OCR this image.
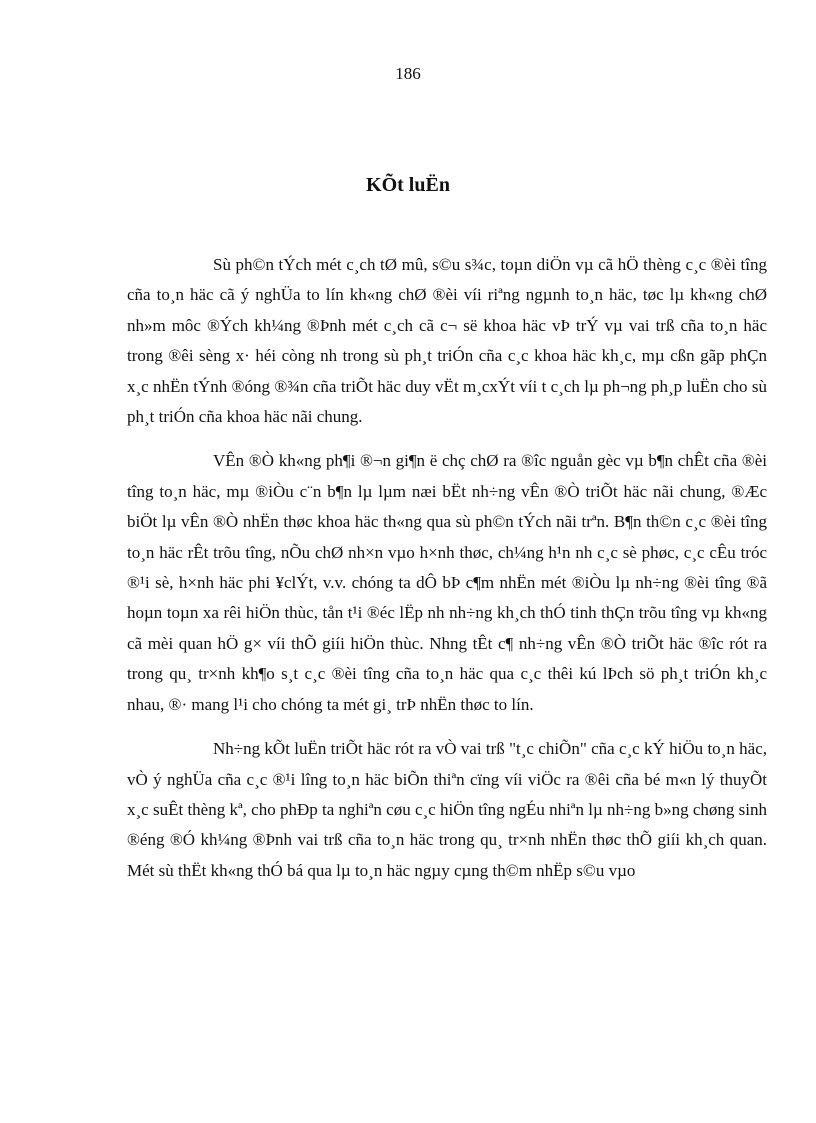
186
KÕt luËn

Sù ph©n tÝch mét c¸ch tØ mû, s©u s¾c, toµn diÖn vµ cã hÖ thèng c¸c ®èi tîng cña to¸n häc cã ý nghÜa to lín kh«ng chØ ®èi víi riªng ngµnh to¸n häc, tøc lµ kh«ng chØ nh»m môc ®Ých kh¼ng ®Þnh mét c¸ch cã c¬ së khoa häc vÞ trÝ vµ vai trß cña to¸n häc trong ®êi sèng x· héi còng nh trong sù ph¸t triÓn cña c¸c khoa häc kh¸c, mµ cßn gãp phÇn x¸c nhËn tÝnh ®óng ®¾n cña triÕt häc duy vËt m¸cxÝt víi t c¸ch lµ ph¬ng ph¸p luËn cho sù ph¸t triÓn cña khoa häc nãi chung.

VÊn ®Ò kh«ng ph¶i ®¬n gi¶n ë chç chØ ra ®îc nguån gèc vµ b¶n chÊt cña ®èi tîng to¸n häc, mµ ®iÒu c¨n b¶n lµ lµm næi bËt nh÷ng vÊn ®Ò triÕt häc nãi chung, ®Æc biÖt lµ vÊn ®Ò nhËn thøc khoa häc th«ng qua sù ph©n tÝch nãi trªn. B¶n th©n c¸c ®èi tîng to¸n häc rÊt trõu tîng, nÕu chØ nh×n vµo h×nh thøc, ch¼ng h¹n nh c¸c sè phøc, c¸c cÊu tróc ®¹i sè, h×nh häc phi ¥clÝt, v.v. chóng ta dÔ bÞ c¶m nhËn mét ®iÒu lµ nh÷ng ®èi tîng ®ã hoµn toµn xa rêi hiÖn thùc, tån t¹i ®éc lËp nh nh÷ng kh¸ch thÓ tinh thÇn trõu tîng vµ kh«ng cã mèi quan hÖ g× víi thÕ giíi hiÖn thùc. Nhng tÊt c¶ nh÷ng vÊn ®Ò triÕt häc ®îc rót ra trong qu¸ tr×nh kh¶o s¸t c¸c ®èi tîng cña to¸n häc qua c¸c thêi kú lÞch sö ph¸t triÓn kh¸c nhau, ®· mang l¹i cho chóng ta mét gi¸ trÞ nhËn thøc to lín.

Nh÷ng kÕt luËn triÕt häc rót ra vÒ vai trß "t¸c chiÕn" cña c¸c kÝ hiÖu to¸n häc, vÒ ý nghÜa cña c¸c ®¹i lîng to¸n häc biÕn thiªn cïng víi viÖc ra ®êi cña bé m«n lý thuyÕt x¸c suÊt thèng kª, cho phÐp ta nghiªn cøu c¸c hiÖn tîng ngÉu nhiªn lµ nh÷ng b»ng chøng sinh ®éng ®Ó kh¼ng ®Þnh vai trß cña to¸n häc trong qu¸ tr×nh nhËn thøc thÕ giíi kh¸ch quan. Mét sù thËt kh«ng thÓ bá qua lµ to¸n häc ngµy cµng th©m nhËp s©u vµo
